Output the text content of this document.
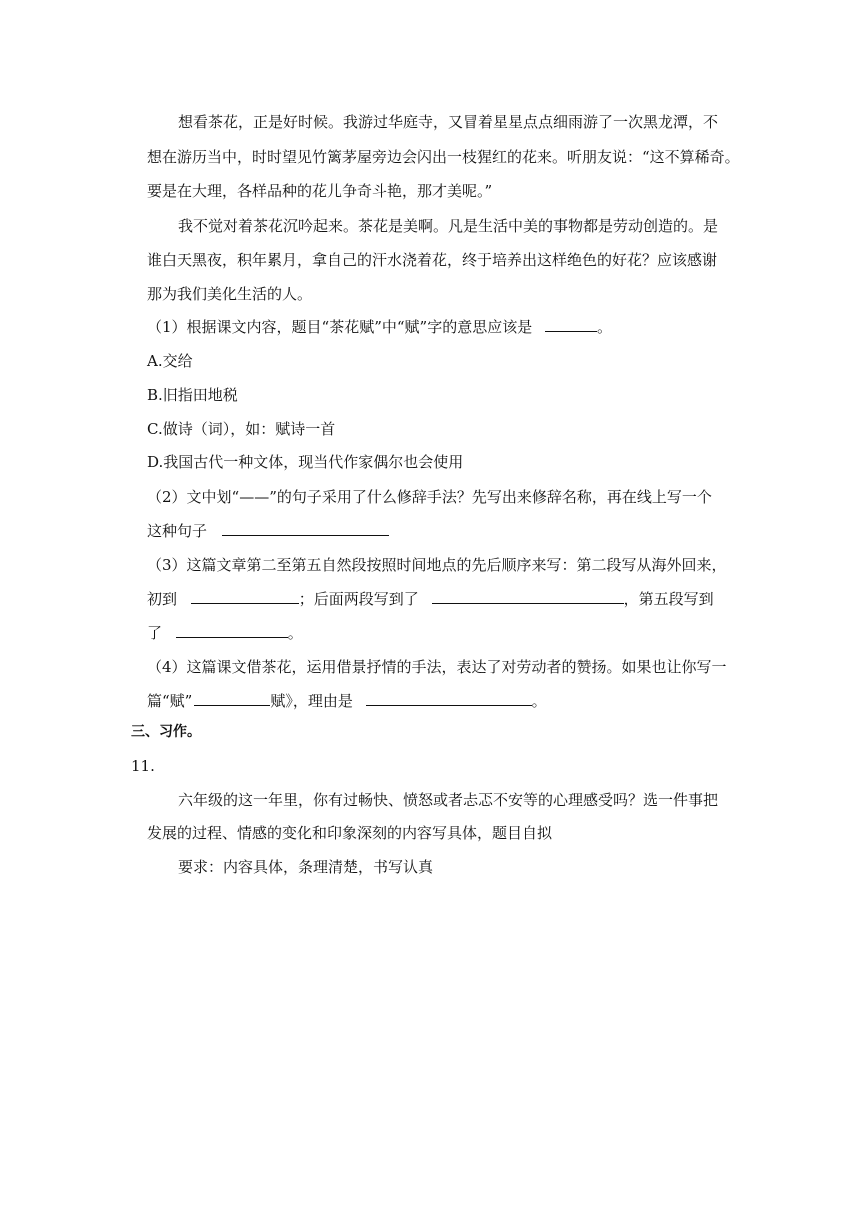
想看茶花，正是好时候。我游过华庭寺，又冒着星星点点细雨游了一次黑龙潭，不
想在游历当中，时时望见竹篱茅屋旁边会闪出一枝猩红的花来。听朋友说：“这不算稀奇。
要是在大理，各样品种的花儿争奇斗艳，那才美呢。”
我不觉对着茶花沉吟起来。茶花是美啊。凡是生活中美的事物都是劳动创造的。是
谁白天黑夜，积年累月，拿自己的汗水浇着花，终于培养出这样绝色的好花？应该感谢
那为我们美化生活的人。
（1）根据课文内容，题目“茶花赋”中“赋”字的意思应该是	。
A.交给
B.旧指田地税
C.做诗（词），如：赋诗一首
D.我国古代一种文体，现当代作家偶尔也会使用
（2）文中划“——”的句子采用了什么修辞手法？先写出来修辞名称，再在线上写一个
这种句子
（3）这篇文章第二至第五自然段按照时间地点的先后顺序来写：第二段写从海外回来，
初到	；后面两段写到了	，第五段写到
了	。
（4）这篇课文借茶花，运用借景抒情的手法，表达了对劳动者的赞扬。如果也让你写一
篇“赋”	赋》，理由是	。
三、习作。
11.
六年级的这一年里，你有过畅快、愤怒或者忐忑不安等的心理感受吗？选一件事把
发展的过程、情感的变化和印象深刻的内容写具体，题目自拟
要求：内容具体，条理清楚，书写认真
